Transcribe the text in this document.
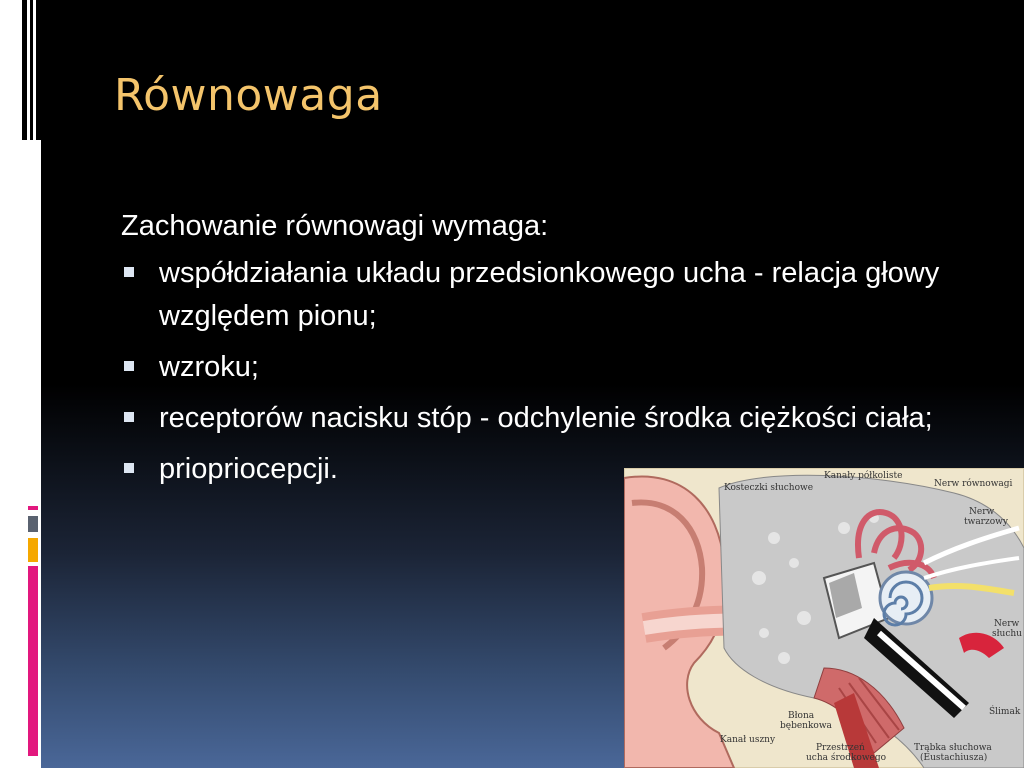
Równowaga
Zachowanie równowagi wymaga:
współdziałania układu przedsionkowego ucha - relacja głowy względem pionu;
wzroku;
receptorów nacisku stóp - odchylenie środka ciężkości ciała;
priopriocepcji.	Kanały półkoliste
Kosteczki słuchowe	Nerw równowagi
Nerw
twarzowy
Nerw
słuchu
Ślimak
Błona
bębenkowa
Kanał uszny
Przestrzeń
ucha środkowego
Trąbka słuchowa
(Eustachiusza)
